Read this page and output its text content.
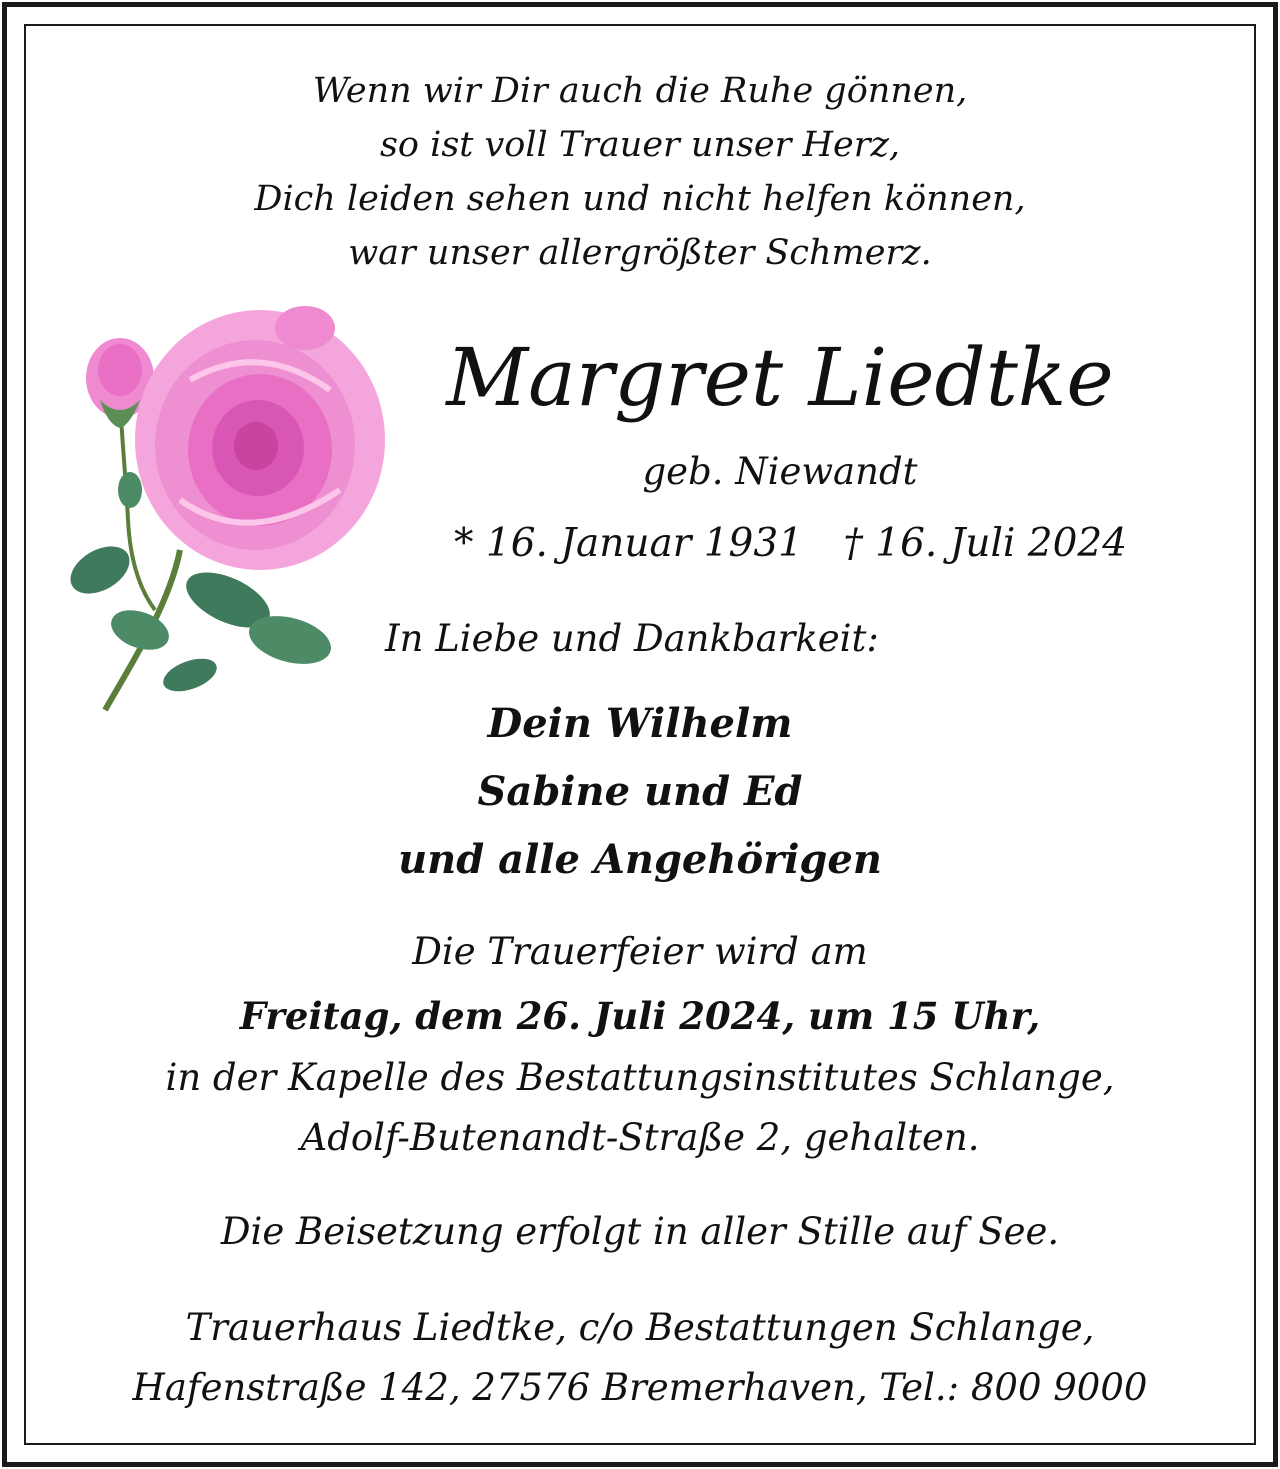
Wenn wir Dir auch die Ruhe gönnen,
so ist voll Trauer unser Herz,
Dich leiden sehen und nicht helfen können,
war unser allergrößter Schmerz.
Margret Liedtke
geb. Niewandt
* 16. Januar 1931 † 16. Juli 2024
In Liebe und Dankbarkeit:
Dein Wilhelm
Sabine und Ed
und alle Angehörigen
Die Trauerfeier wird am
Freitag, dem 26. Juli 2024, um 15 Uhr,
in der Kapelle des Bestattungsinstitutes Schlange,
Adolf-Butenandt-Straße 2, gehalten.
Die Beisetzung erfolgt in aller Stille auf See.
Trauerhaus Liedtke, c/o Bestattungen Schlange,
Hafenstraße 142, 27576 Bremerhaven, Tel.: 800 9000
